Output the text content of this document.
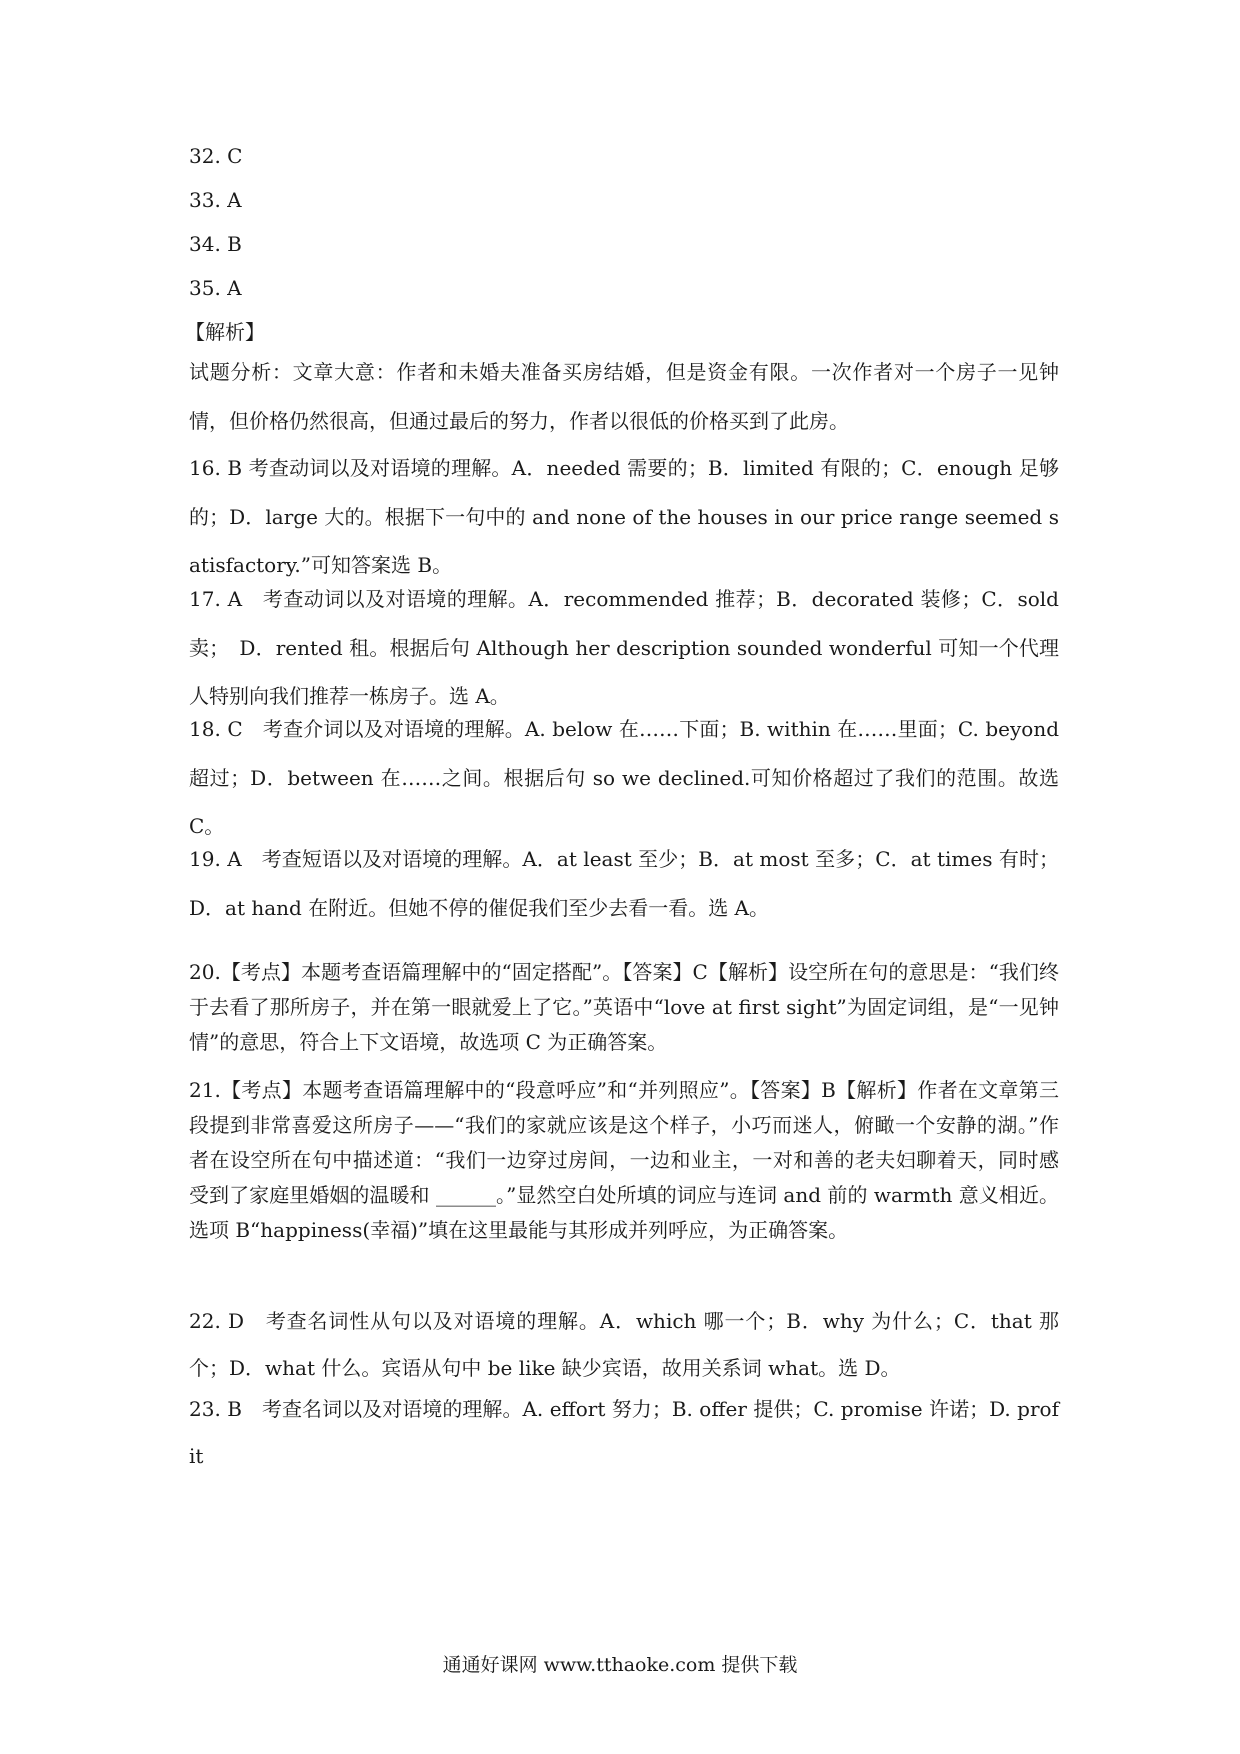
32. C
33. A
34. B
35. A
【解析】
试题分析：文章大意：作者和未婚夫准备买房结婚，但是资金有限。一次作者对一个房子一见钟情，但价格仍然很高，但通过最后的努力，作者以很低的价格买到了此房。
16. B 考查动词以及对语境的理解。A．needed 需要的；B．limited 有限的；C．enough 足够的；D．large 大的。根据下一句中的 and none of the houses in our price range seemed satisfactory.”可知答案选 B。
17. A　考查动词以及对语境的理解。A．recommended 推荐；B．decorated 装修；C．sold 卖；　D．rented 租。根据后句 Although her description sounded wonderful 可知一个代理人特别向我们推荐一栋房子。选 A。
18. C　考查介词以及对语境的理解。A. below 在……下面；B. within 在……里面；C. beyond 超过；D．between 在……之间。根据后句 so we declined.可知价格超过了我们的范围。故选 C。
19. A　考查短语以及对语境的理解。A．at least 至少；B．at most 至多；C．at times 有时；D．at hand 在附近。但她不停的催促我们至少去看一看。选 A。
20.【考点】本题考查语篇理解中的“固定搭配”。【答案】C【解析】设空所在句的意思是：“我们终于去看了那所房子，并在第一眼就爱上了它。”英语中“love at first sight”为固定词组，是“一见钟情”的意思，符合上下文语境，故选项 C 为正确答案。
21.【考点】本题考查语篇理解中的“段意呼应”和“并列照应”。【答案】B【解析】作者在文章第三段提到非常喜爱这所房子——“我们的家就应该是这个样子，小巧而迷人，俯瞰一个安静的湖。”作者在设空所在句中描述道：“我们一边穿过房间，一边和业主，一对和善的老夫妇聊着天，同时感受到了家庭里婚姻的温暖和 ______。”显然空白处所填的词应与连词 and 前的 warmth 意义相近。选项 B“happiness(幸福)”填在这里最能与其形成并列呼应，为正确答案。
22. D　考查名词性从句以及对语境的理解。A．which 哪一个；B．why 为什么；C．that 那个；D．what 什么。宾语从句中 be like 缺少宾语，故用关系词 what。选 D。
23. B　考查名词以及对语境的理解。A. effort 努力；B. offer 提供；C. promise 许诺；D. profit
通通好课网 www.tthaoke.com 提供下载
